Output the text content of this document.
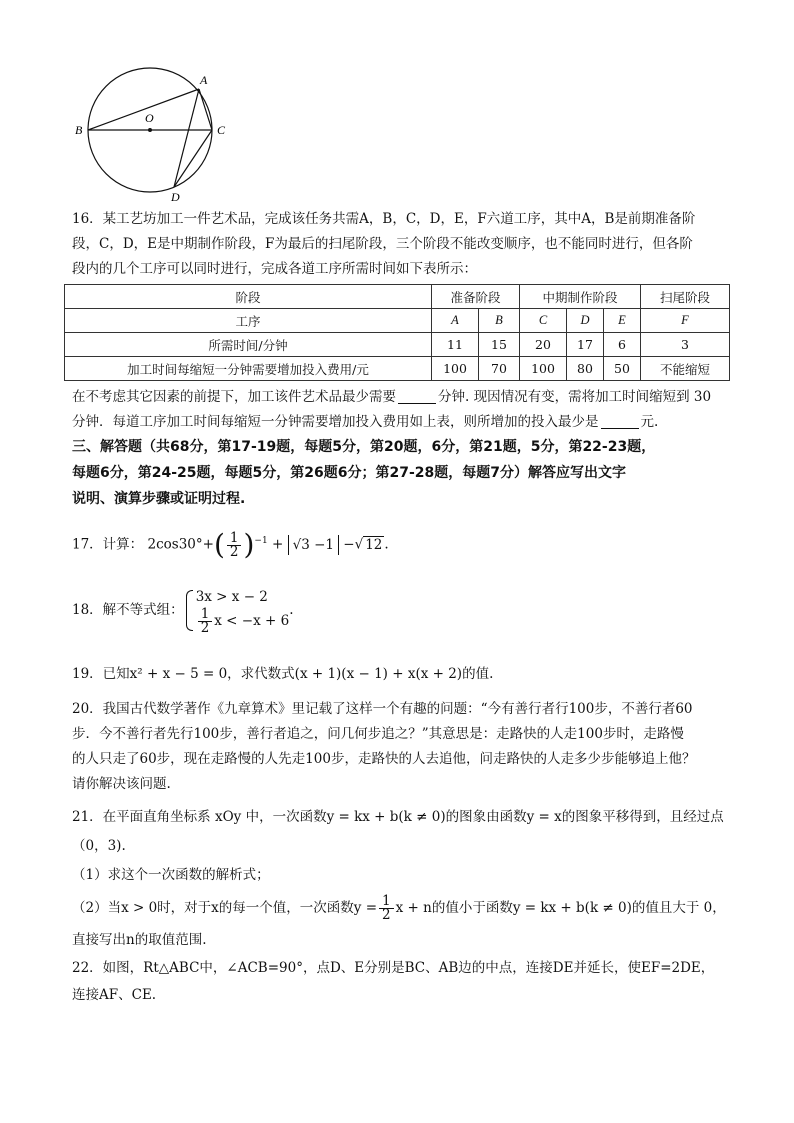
A
B	C
D
O

16．某工艺坊加工一件艺术品，完成该任务共需A，B，C，D，E，F六道工序，其中A，B是前期准备阶

段，C，D，E是中期制作阶段，F为最后的扫尾阶段，三个阶段不能改变顺序，也不能同时进行，但各阶

段内的几个工序可以同时进行，完成各道工序所需时间如下表所示：

阶段	准备阶段		中期制作阶段			扫尾阶段
工序	A	B	C	D	E	F
所需时间/分钟	11	15	20	17	6	3
加工时间每缩短一分钟需要增加投入费用/元	100	70	100	80	50	不能缩短

在不考虑其它因素的前提下，加工该件艺术品最少需要	分钟. 现因情况有变，需将加工时间缩短到 30

分钟．每道工序加工时间每缩短一分钟需要增加投入费用如上表，则所增加的投入最少是	元.

三、解答题（共68分，第17-19题，每题5分，第20题，6分，第21题，5分，第22-23题，

每题6分，第24-25题，每题5分，第26题6分；第27-28题，每题7分）解答应写出文字

说明、演算步骤或证明过程.

17．计算： $2\cos 30^\circ+( \frac{1}{2} )^{-1} + √3 -1$ −√ 12 .
18．解不等式组：
3x > x − 2
$\frac{1}{2}$ x < −x + 6
.

19．已知x² + x − 5 = 0，求代数式(x + 1)(x − 1) + x(x + 2)的值.

20．我国古代数学著作《九章算术》里记载了这样一个有趣的问题：“今有善行者行100步，不善行者60

步．今不善行者先行100步，善行者追之，问几何步追之？”其意思是：走路快的人走100步时，走路慢

的人只走了60步，现在走路慢的人先走100步，走路快的人去追他，问走路快的人走多少步能够追上他？

请你解决该问题.

21．在平面直角坐标系 xOy 中，一次函数y = kx + b(k ≠ 0)的图象由函数y = x的图象平移得到，且经过点

（0，3).

（1）求这个一次函数的解析式；

（2）当x > 0时，对于x的每一个值，一次函数$y = \frac{1}{2}$ x + n的值小于函数y = kx + b(k ≠ 0)的值且大于 0，

直接写出n的取值范围.

22．如图，Rt△ABC中，∠ACB=90°，点D、E分别是BC、AB边的中点，连接DE并延长，使EF=2DE，

连接AF、CE.
